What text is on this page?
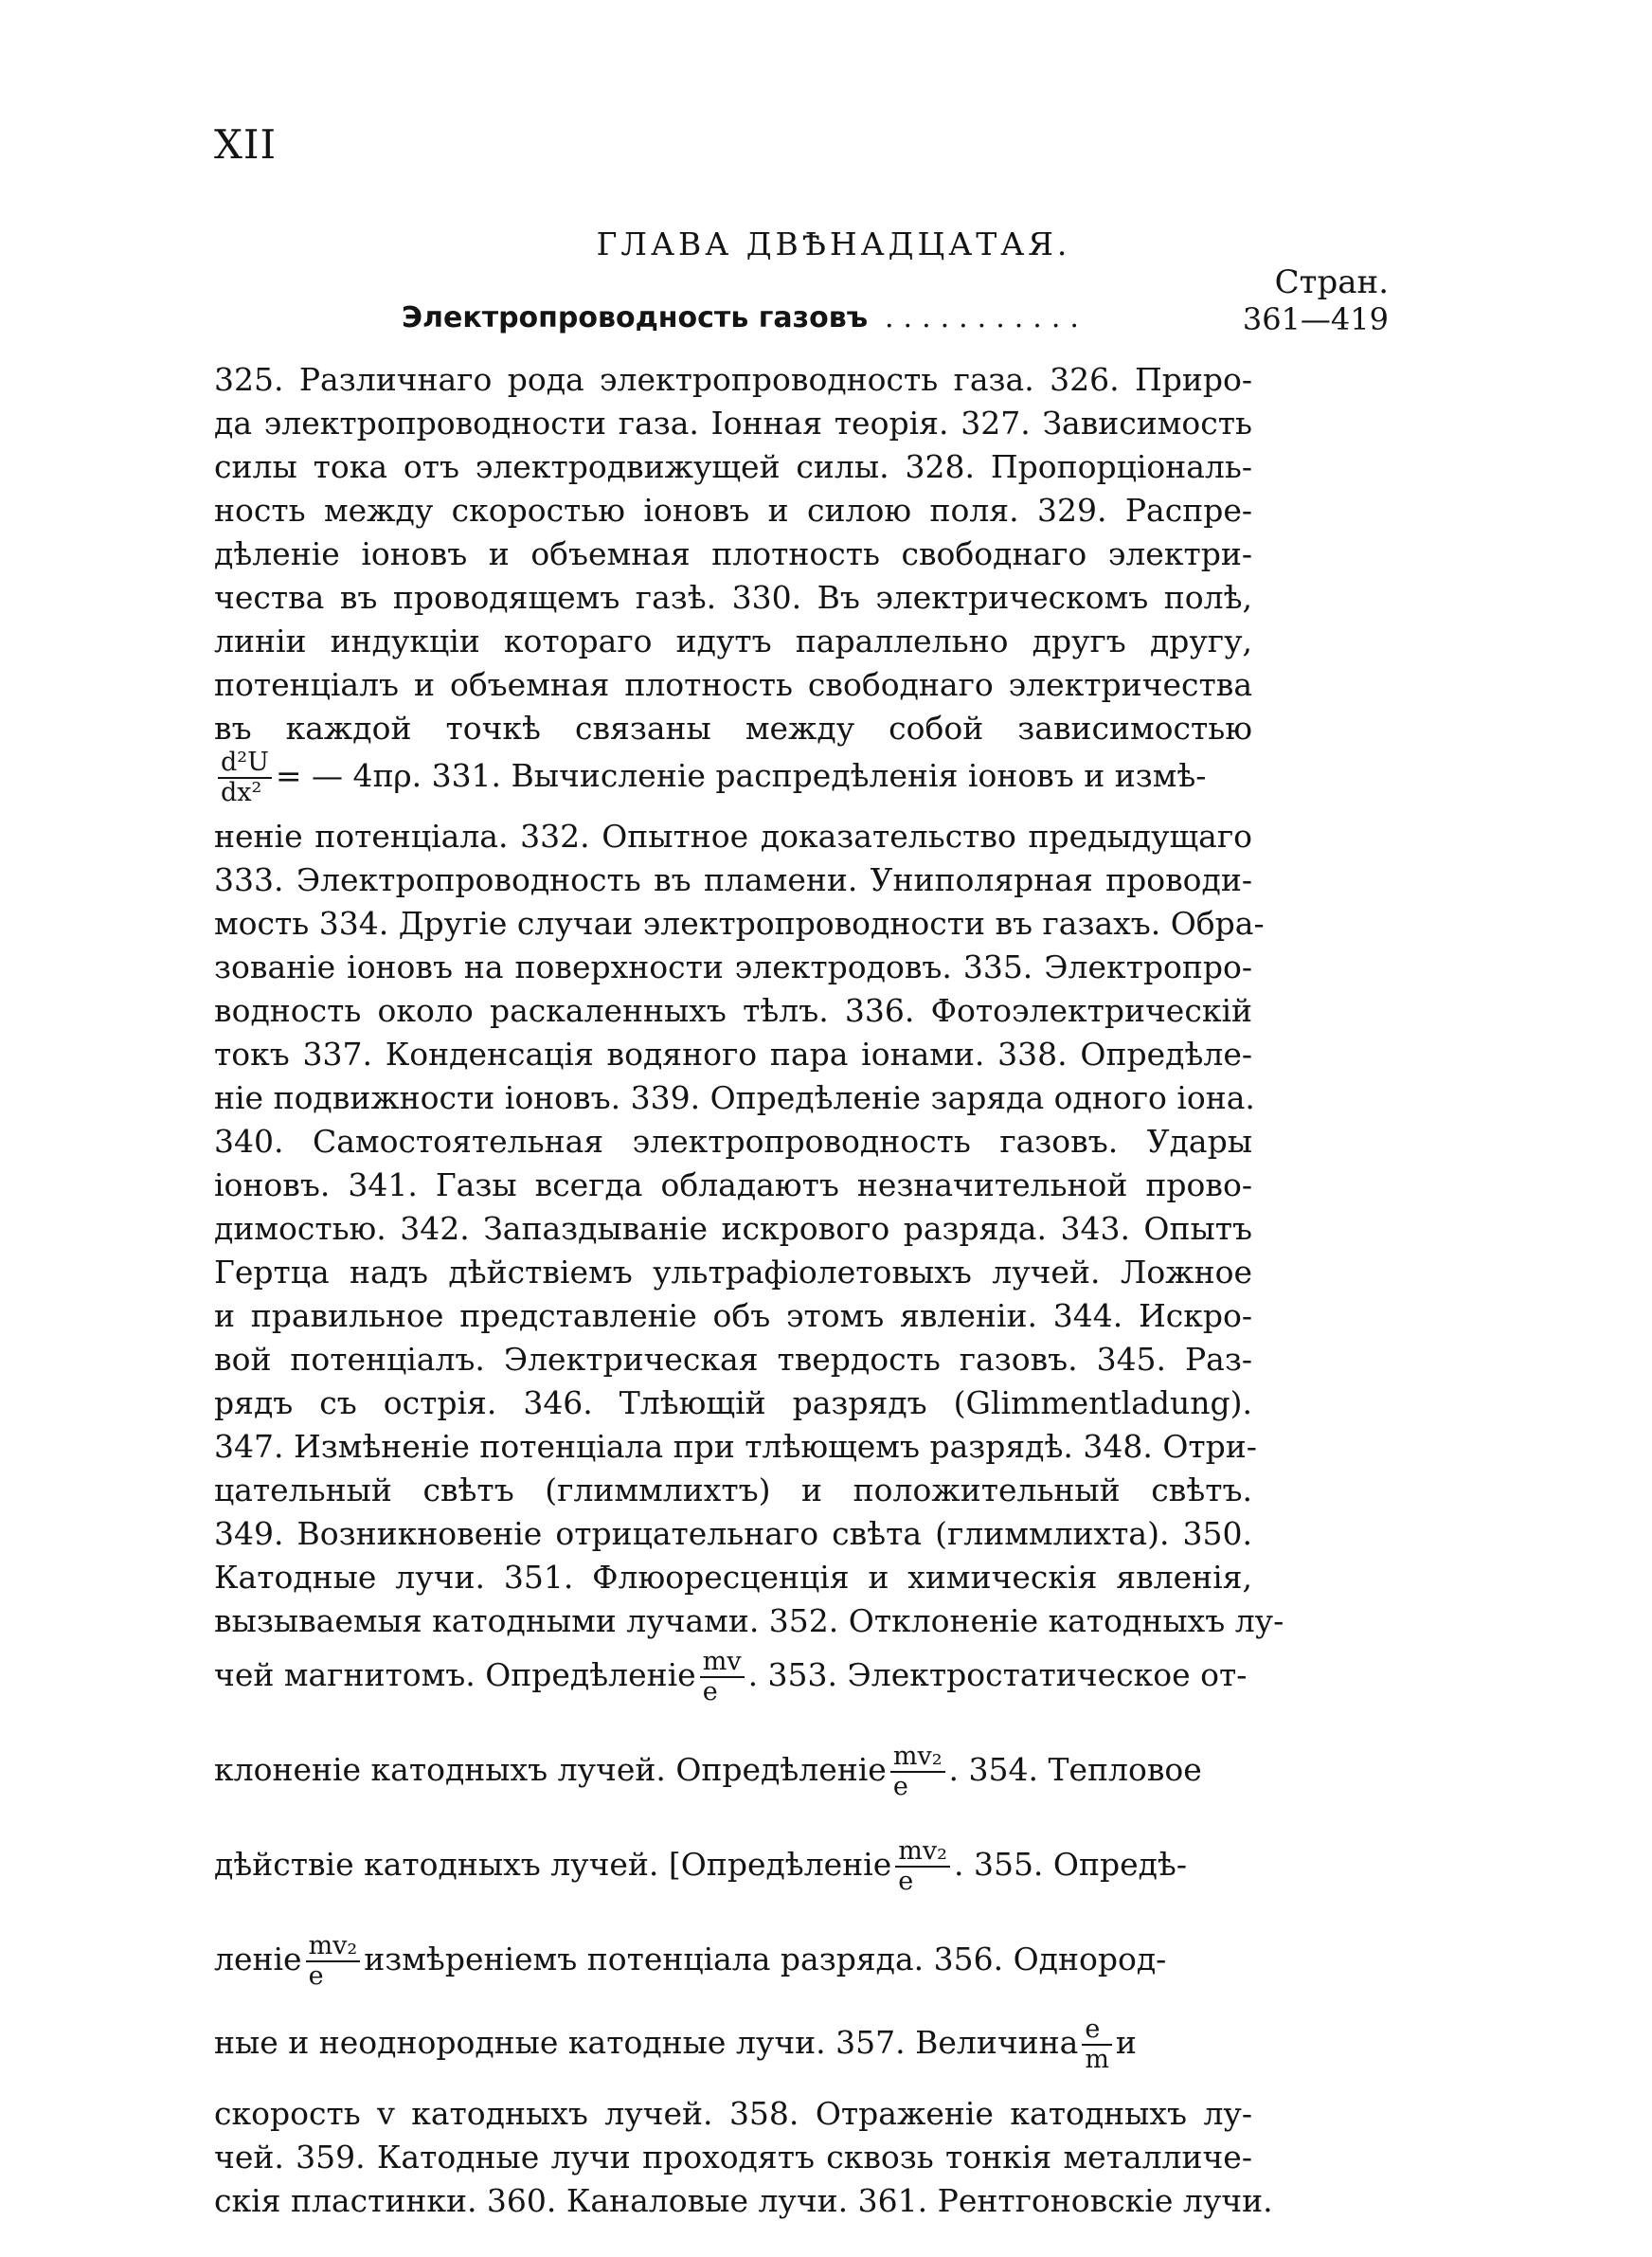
XII
ГЛАВА ДВѢНАДЦАТАЯ.
Стран.
Электропроводность газовъ ...........	361—419
325. Различнаго рода электропроводность газа. 326. Приро-
да электропроводности газа. Іонная теорія. 327. Зависимость
силы тока отъ электродвижущей силы. 328. Пропорціональ-
ность между скоростью іоновъ и силою поля. 329. Распре-
дѣленіе іоновъ и объемная плотность свободнаго электри-
чества въ проводящемъ газѣ. 330. Въ электрическомъ полѣ,
линіи индукціи котораго идутъ параллельно другъ другу,
потенціалъ и объемная плотность свободнаго электричества
въ каждой точкѣ связаны между собой зависимостью
$\frac{\text{d²U}}{\text{dx²}}$ = — 4πρ. 331. Вычисленіе распредѣленія іоновъ и измѣ-
неніе потенціала. 332. Опытное доказательство предыдущаго
333. Электропроводность въ пламени. Униполярная проводи-
мость 334. Другіе случаи электропроводности въ газахъ. Обра-
зованіе іоновъ на поверхности электродовъ. 335. Электропро-
водность около раскаленныхъ тѣлъ. 336. Фотоэлектрическій
токъ 337. Конденсація водяного пара іонами. 338. Опредѣле-
ніе подвижности іоновъ. 339. Опредѣленіе заряда одного іона.
340. Самостоятельная электропроводность газовъ. Удары
іоновъ. 341. Газы всегда обладаютъ незначительной прово-
димостью. 342. Запаздываніе искрового разряда. 343. Опытъ
Гертца надъ дѣйствіемъ ультрафіолетовыхъ лучей. Ложное
и правильное представленіе объ этомъ явленіи. 344. Искро-
вой потенціалъ. Электрическая твердость газовъ. 345. Раз-
рядъ съ острія. 346. Тлѣющій разрядъ (Glimmentladung).
347. Измѣненіе потенціала при тлѣющемъ разрядѣ. 348. Отри-
цательный свѣтъ (глиммлихтъ) и положительный свѣтъ.
349. Возникновеніе отрицательнаго свѣта (глиммлихта). 350.
Катодные лучи. 351. Флюоресценція и химическія явленія,
вызываемыя катодными лучами. 352. Отклоненіе катодныхъ лу-
чей магнитомъ. Опредѣленіе $\frac{mv}{e}$ . 353. Электростатическое от-
клоненіе катодныхъ лучей. Опредѣленіе $\frac{\text{mv₂}}{e}$ . 354. Тепловое
дѣйствіе катодныхъ лучей. [Опредѣленіе $\frac{\text{mv₂}}{e}$ . 355. Опредѣ-
леніе $\frac{\text{mv₂}}{e}$ измѣреніемъ потенціала разряда. 356. Однород-
ные и неоднородные катодные лучи. 357. Величина $\frac{e}{m}$ и
скорость v катодныхъ лучей. 358. Отраженіе катодныхъ лу-
чей. 359. Катодные лучи проходятъ сквозь тонкія металличе-
скія пластинки. 360. Каналовые лучи. 361. Рентгоновскіе лучи.
